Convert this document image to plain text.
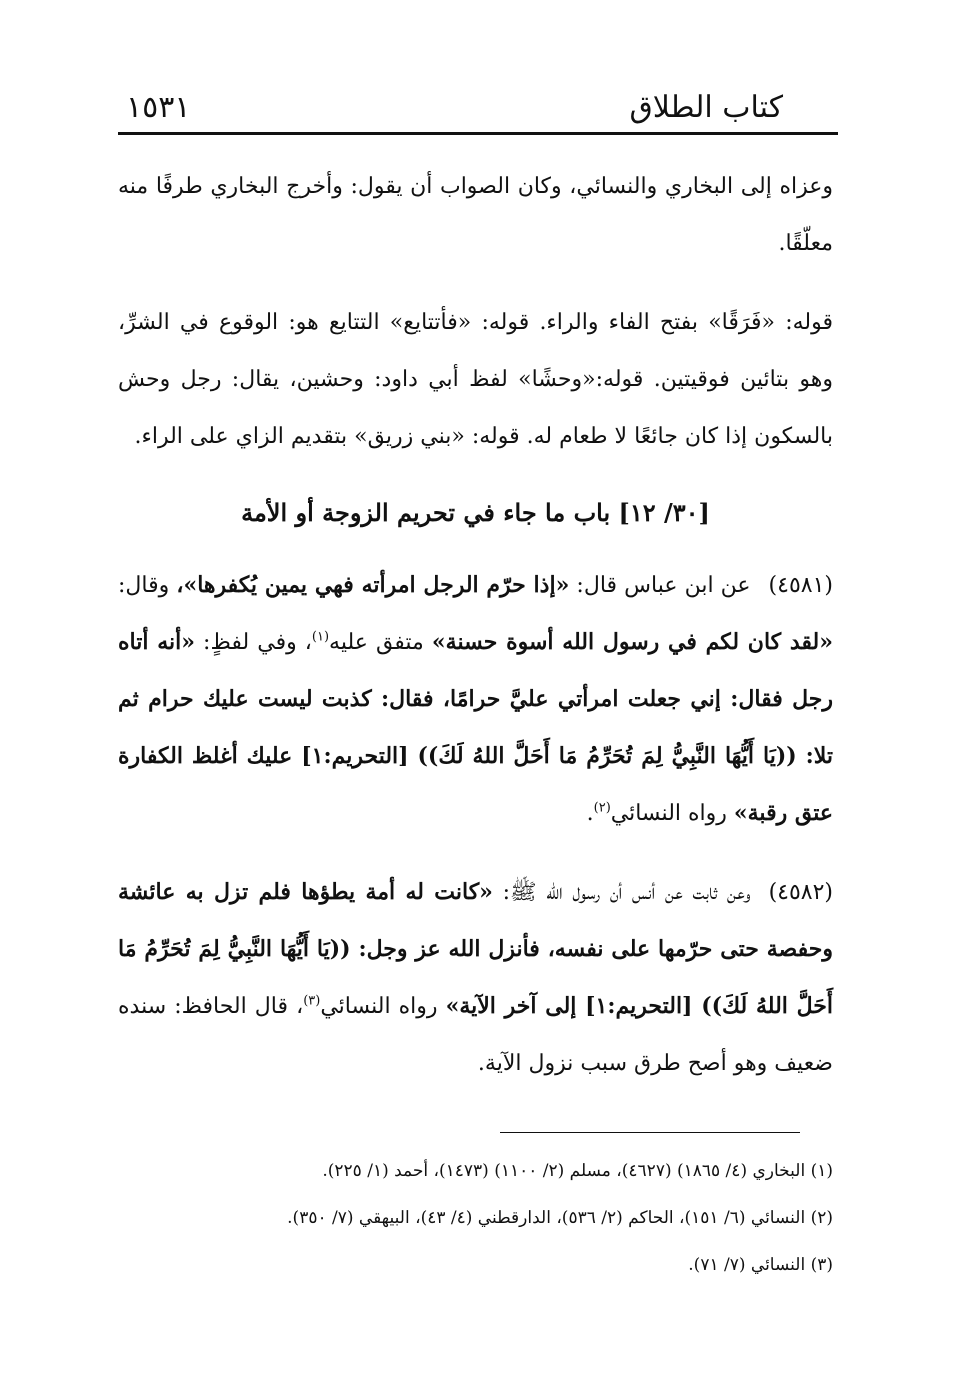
كتاب الطلاق
١٥٣١

وعزاه إلى البخاري والنسائي، وكان الصواب أن يقول: وأخرج البخاري طرفًا منه معلّقًا.

قوله: «فَرَقًا» بفتح الفاء والراء. قوله: «فأتتايع» التتايع هو: الوقوع في الشرِّ، وهو بتائين فوقيتين. قوله:«وحشًا» لفظ أبي داود: وحشين، يقال: رجل وحش بالسكون إذا كان جائعًا لا طعام له. قوله: «بني زريق» بتقديم الزاي على الراء.

[٣٠/ ١٢] باب ما جاء في تحريم الزوجة أو الأمة

(٤٥٨١)عن ابن عباس قال: «إذا حرّم الرجل امرأته فهي يمين يُكفرها»، وقال: «لقد كان لكم في رسول الله أسوة حسنة» متفق عليه$^{(١)}$، وفي لفظٍ: «أنه أتاه رجل فقال: إني جعلت امرأتي عليَّ حرامًا، فقال: كذبت ليست عليك حرام ثم تلا: ((يَا أَيُّهَا النَّبِيُّ لِمَ تُحَرِّمُ مَا أَحَلَّ اللهُ لَكَ)) [التحريم:١] عليك أغلظ الكفارة عتق رقبة» رواه النسائي$^{(٢)}$.

(٤٥٨٢)وعن ثابت عن أنس أن رسول الله ﷺ: «كانت له أمة يطؤها فلم تزل به عائشة وحفصة حتى حرّمها على نفسه، فأنزل الله عز وجل: ((يَا أَيُّهَا النَّبِيُّ لِمَ تُحَرِّمُ مَا أَحَلَّ اللهُ لَكَ)) [التحريم:١] إلى آخر الآية» رواه النسائي$^{(٣)}$، قال الحافظ: سنده ضعيف وهو أصح طرق سبب نزول الآية.

(١) البخاري (٤/ ١٨٦٥) (٤٦٢٧)، مسلم (٢/ ١١٠٠) (١٤٧٣)، أحمد (١/ ٢٢٥).

(٢) النسائي (٦/ ١٥١)، الحاكم (٢/ ٥٣٦)، الدارقطني (٤/ ٤٣)، البيهقي (٧/ ٣٥٠).

(٣) النسائي (٧/ ٧١).
